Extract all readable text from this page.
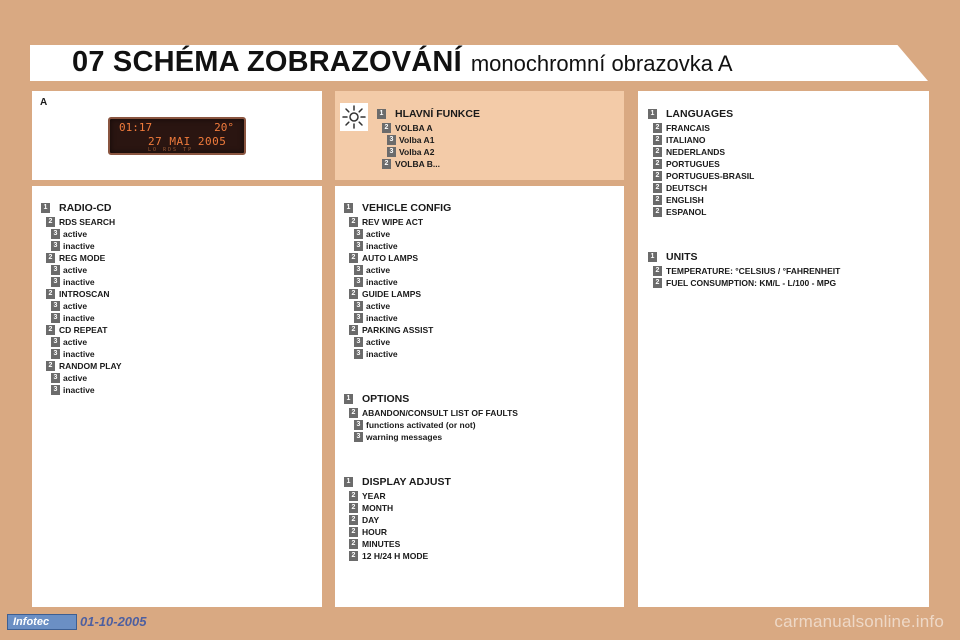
07 SCHÉMA ZOBRAZOVÁNÍ monochromní obrazovka A
A
01:17	20°
27 MAI 2005
LO RDS TP
1 HLAVNÍ FUNKCE
2 VOLBA A
3 Volba A1
3 Volba A2
2 VOLBA B...
1 RADIO-CD
2 RDS SEARCH
3 active
3 inactive
2 REG MODE
3 active
3 inactive
2 INTROSCAN
3 active
3 inactive
2 CD REPEAT
3 active
3 inactive
2 RANDOM PLAY
3 active
3 inactive
1 VEHICLE CONFIG
2 REV WIPE ACT
3 active
3 inactive
2 AUTO LAMPS
3 active
3 inactive
2 GUIDE LAMPS
3 active
3 inactive
2 PARKING ASSIST
3 active
3 inactive
1 OPTIONS
2 ABANDON/CONSULT LIST OF FAULTS
3 functions activated (or not)
3 warning messages
1 DISPLAY ADJUST
2 YEAR
2 MONTH
2 DAY
2 HOUR
2 MINUTES
2 12 H/24 H MODE
1 LANGUAGES
2 FRANCAIS
2 ITALIANO
2 NEDERLANDS
2 PORTUGUES
2 PORTUGUES-BRASIL
2 DEUTSCH
2 ENGLISH
2 ESPANOL
1 UNITS
2 TEMPERATURE: °CELSIUS / °FAHRENHEIT
2 FUEL CONSUMPTION: KM/L - L/100 - MPG
Infotec	01-10-2005	carmanualsonline.info
